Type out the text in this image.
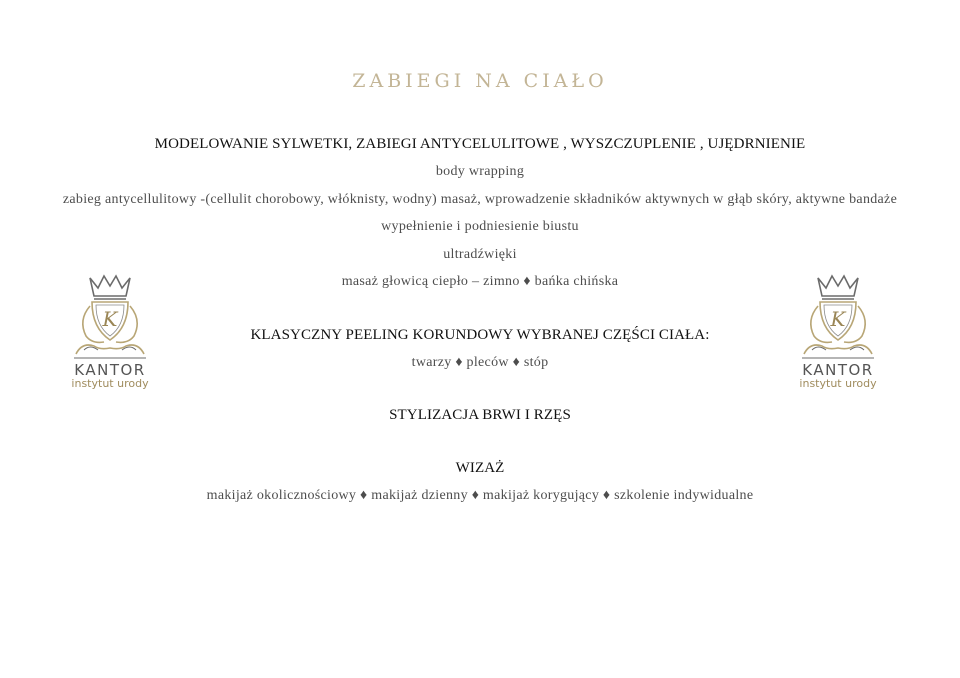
ZABIEGI NA CIAŁO
MODELOWANIE SYLWETKI, ZABIEGI ANTYCELULITOWE , WYSZCZUPLENIE , UJĘDRNIENIE
body wrapping
zabieg antycellulitowy -(cellulit chorobowy, włóknisty, wodny) masaż, wprowadzenie składników aktywnych w głąb skóry, aktywne bandaże
wypełnienie i podniesienie biustu
ultradźwięki
masaż głowicą ciepło – zimno ♦ bańka chińska
KLASYCZNY PEELING KORUNDOWY WYBRANEJ CZĘŚCI CIAŁA:
twarzy ♦ pleców ♦ stóp
STYLIZACJA BRWI I RZĘS
WIZAŻ
makijaż okolicznościowy ♦ makijaż dzienny ♦ makijaż korygujący ♦ szkolenie indywidualne
K
KANTOR
instytut urody
K
KANTOR
instytut urody
